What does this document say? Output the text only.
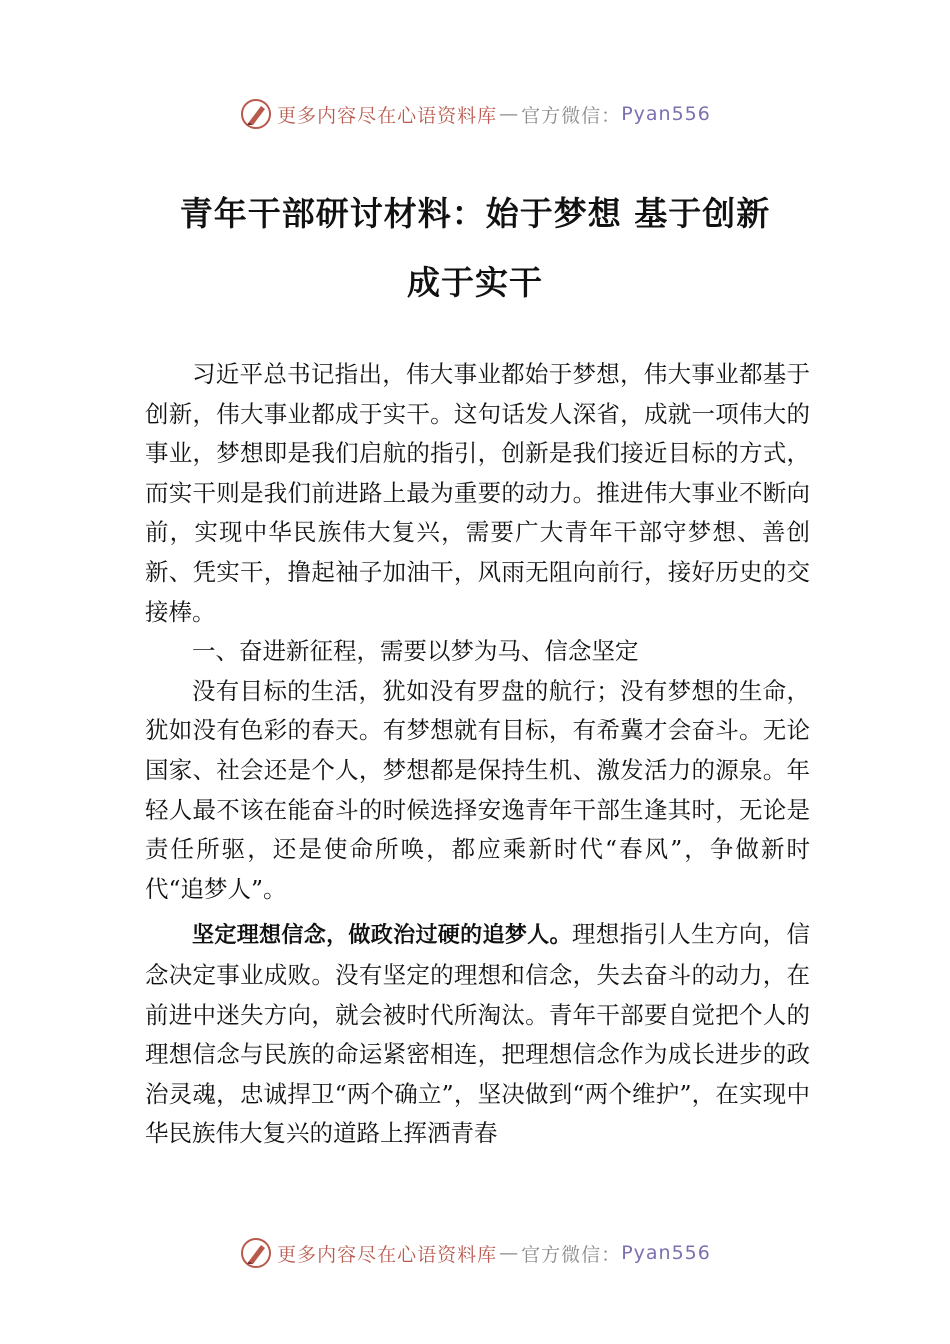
更多内容尽在心语资料库 — 官方微信： Pyan556
青年干部研讨材料：始于梦想 基于创新
成于实干

习近平总书记指出，伟大事业都始于梦想，伟大事业都基于创新，伟大事业都成于实干。这句话发人深省，成就一项伟大的事业，梦想即是我们启航的指引，创新是我们接近目标的方式，而实干则是我们前进路上最为重要的动力。推进伟大事业不断向前，实现中华民族伟大复兴，需要广大青年干部守梦想、善创新、凭实干，撸起袖子加油干，风雨无阻向前行，接好历史的交接棒。

一、奋进新征程，需要以梦为马、信念坚定

没有目标的生活，犹如没有罗盘的航行；没有梦想的生命，犹如没有色彩的春天。有梦想就有目标，有希冀才会奋斗。无论国家、社会还是个人，梦想都是保持生机、激发活力的源泉。年轻人最不该在能奋斗的时候选择安逸青年干部生逢其时，无论是责任所驱，还是使命所唤，都应乘新时代“春风”，争做新时代“追梦人”。

坚定理想信念，做政治过硬的追梦人。理想指引人生方向，信念决定事业成败。没有坚定的理想和信念，失去奋斗的动力，在前进中迷失方向，就会被时代所淘汰。青年干部要自觉把个人的理想信念与民族的命运紧密相连，把理想信念作为成长进步的政治灵魂，忠诚捍卫“两个确立”，坚决做到“两个维护”，在实现中华民族伟大复兴的道路上挥洒青春

更多内容尽在心语资料库 — 官方微信： Pyan556
